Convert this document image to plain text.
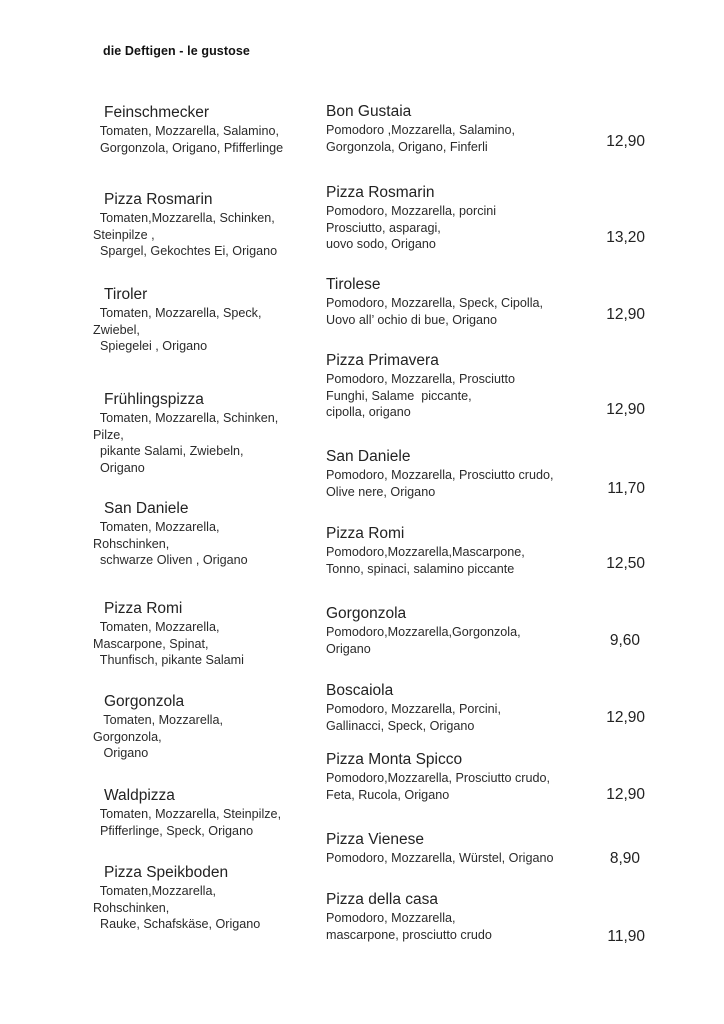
die Deftigen - le gustose
Feinschmecker
Tomaten, Mozzarella, Salamino,
Gorgonzola, Origano, Pfifferlinge
Pizza Rosmarin
Tomaten,Mozzarella, Schinken,
Steinpilze ,
Spargel, Gekochtes Ei, Origano
Tiroler
Tomaten, Mozzarella, Speck,
Zwiebel,
Spiegelei , Origano
Frühlingspizza
Tomaten, Mozzarella, Schinken,
Pilze,
pikante Salami, Zwiebeln,
Origano
San Daniele
Tomaten, Mozzarella,
Rohschinken,
schwarze Oliven , Origano
Pizza Romi
Tomaten, Mozzarella,
Mascarpone, Spinat,
Thunfisch, pikante Salami
Gorgonzola
Tomaten, Mozzarella,
Gorgonzola,
Origano
Waldpizza
Tomaten, Mozzarella, Steinpilze,
Pfifferlinge, Speck, Origano
Pizza Speikboden
Tomaten,Mozzarella,
Rohschinken,
Rauke, Schafskäse, Origano
Bon Gustaia
Pomodoro ,Mozzarella, Salamino,
Gorgonzola, Origano, Finferli	12,90
Pizza Rosmarin
Pomodoro, Mozzarella, porcini
Prosciutto, asparagi,
uovo sodo, Origano	13,20
Tirolese
Pomodoro, Mozzarella, Speck, Cipolla,
Uovo all’ ochio di bue, Origano	12,90
Pizza Primavera
Pomodoro, Mozzarella, Prosciutto
Funghi, Salame  piccante,
cipolla, origano	12,90
San Daniele
Pomodoro, Mozzarella, Prosciutto crudo,
Olive nere, Origano	11,70
Pizza Romi
Pomodoro,Mozzarella,Mascarpone,
Tonno, spinaci, salamino piccante	12,50
Gorgonzola
Pomodoro,Mozzarella,Gorgonzola,
Origano	9,60
Boscaiola
Pomodoro, Mozzarella, Porcini,
Gallinacci, Speck, Origano	12,90
Pizza Monta Spicco
Pomodoro,Mozzarella, Prosciutto crudo,
Feta, Rucola, Origano	12,90
Pizza Vienese
Pomodoro, Mozzarella, Würstel, Origano	8,90
Pizza della casa
Pomodoro, Mozzarella,
mascarpone, prosciutto crudo	11,90
